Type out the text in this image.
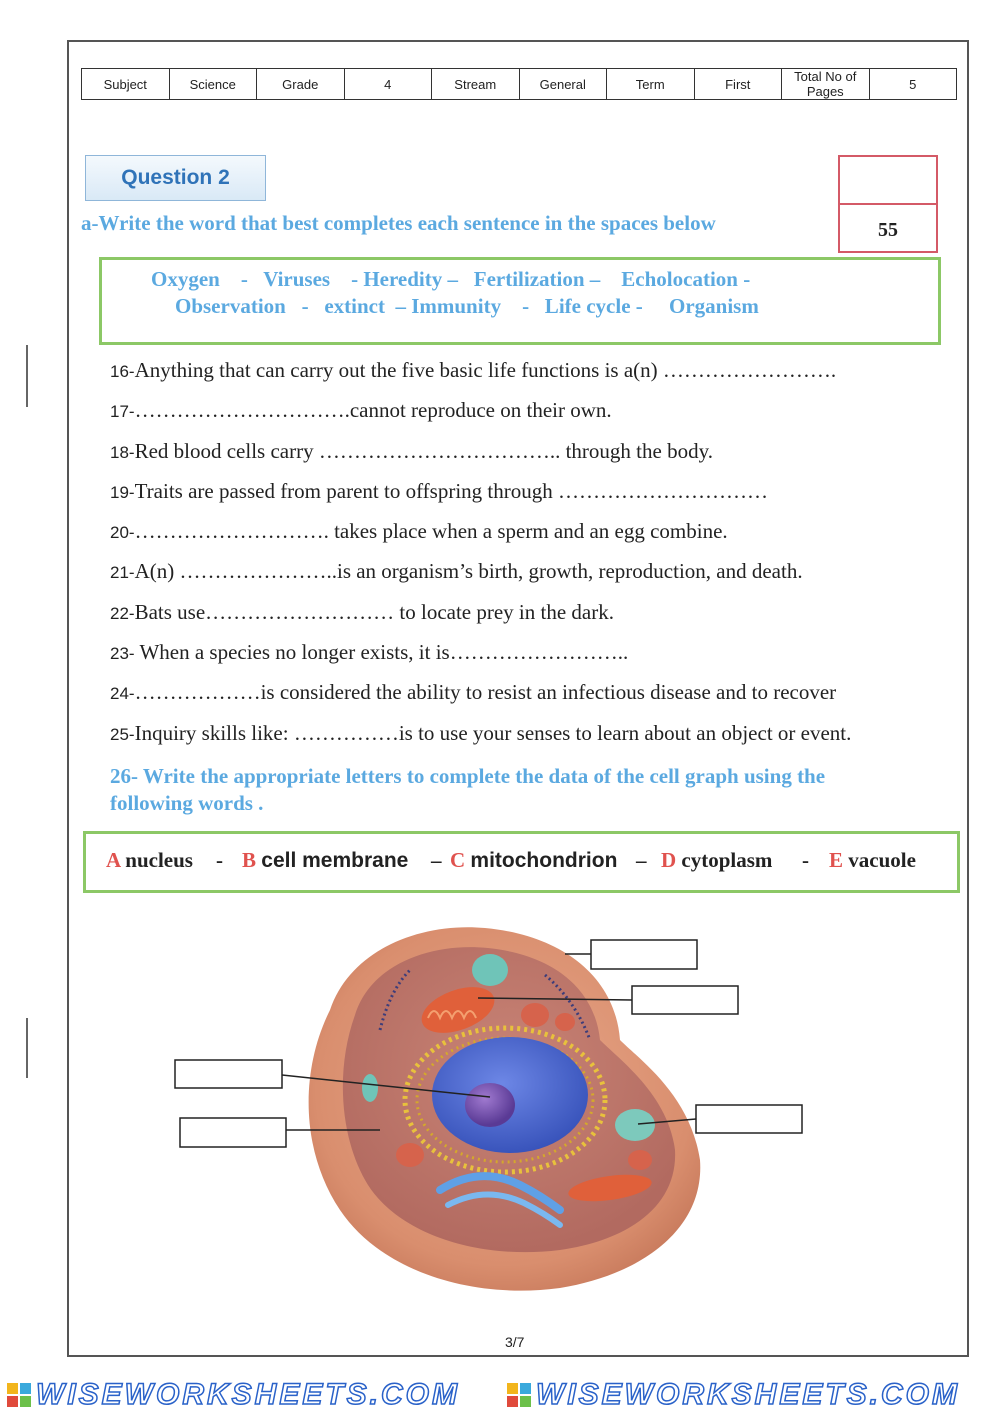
Subject	Science	Grade	4	Stream	General	Term	First	Total No of Pages	5
Question 2
55
a-Write the word that best completes each sentence in the spaces below
Oxygen    -   Viruses    - Heredity –   Fertilization –    Echolocation -
Observation   -   extinct  – Immunity    -   Life cycle -     Organism
16-Anything that can carry out the five basic life functions is a(n) …………………….
17-………………………….cannot reproduce on their own.
18-Red blood cells carry …………………………….. through the body.
19-Traits are passed from parent to offspring through …………………………
20-………………………. takes place when a sperm and an egg combine.
21-A(n) …………………..is an organism’s birth, growth, reproduction, and death.
22-Bats use……………………… to locate prey in the dark.
23- When a species no longer exists, it is……………………..
24-………………is considered the ability to resist an infectious disease and to recover
25-Inquiry skills like: ……………is to use your senses to learn about an object or event.
26- Write the appropriate letters to complete the data of the cell graph using the
following words .
A nucleus - B cell membrane – C mitochondrion – D cytoplasm - E vacuole
3/7
WISEWORKSHEETS.COM	WISEWORKSHEETS.COM
